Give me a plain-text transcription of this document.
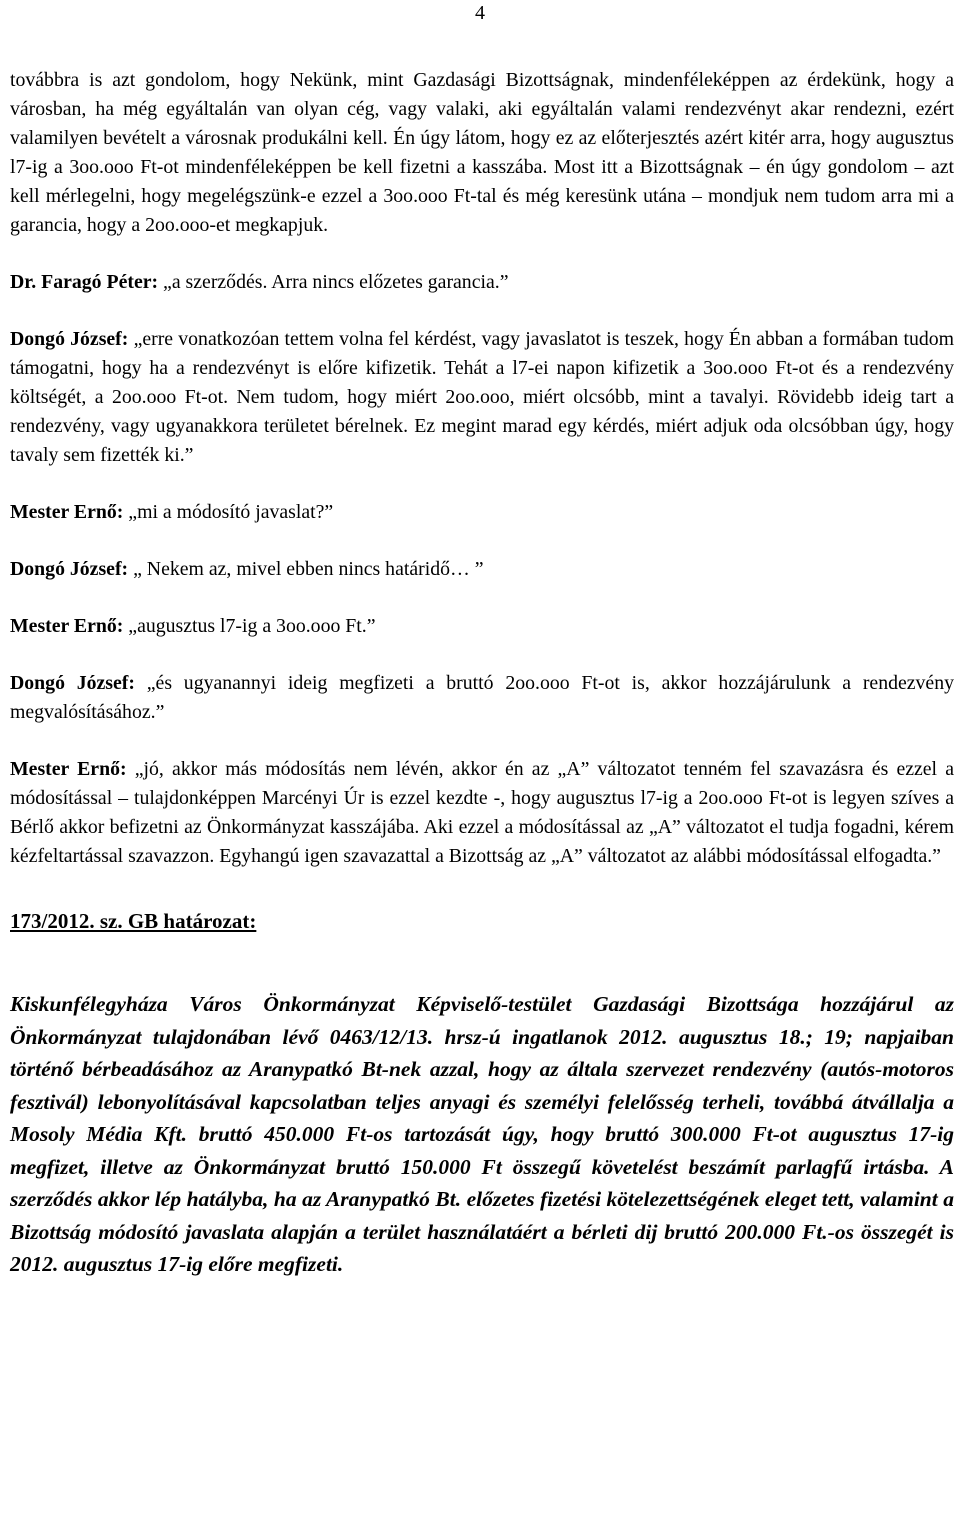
4

továbbra is azt gondolom, hogy Nekünk, mint Gazdasági Bizottságnak, mindenféleképpen az érdekünk, hogy a városban, ha még egyáltalán van olyan cég, vagy valaki, aki egyáltalán valami rendezvényt akar rendezni, ezért valamilyen bevételt a városnak produkálni kell. Én úgy látom, hogy ez az előterjesztés azért kitér arra, hogy augusztus l7-ig a 3oo.ooo Ft-ot mindenféleképpen be kell fizetni a kasszába. Most itt a Bizottságnak – én úgy gondolom – azt kell mérlegelni, hogy megelégszünk-e ezzel a 3oo.ooo Ft-tal és még keresünk utána – mondjuk nem tudom arra mi a garancia, hogy a 2oo.ooo-et megkapjuk.

Dr. Faragó Péter: „a szerződés. Arra nincs előzetes garancia.”

Dongó József: „erre vonatkozóan tettem volna fel kérdést, vagy javaslatot is teszek, hogy Én abban a formában tudom támogatni, hogy ha a rendezvényt is előre kifizetik. Tehát a l7-ei napon kifizetik a 3oo.ooo Ft-ot és a rendezvény költségét, a 2oo.ooo Ft-ot. Nem tudom, hogy miért 2oo.ooo, miért olcsóbb, mint a tavalyi. Rövidebb ideig tart a rendezvény, vagy ugyanakkora területet bérelnek. Ez megint marad egy kérdés, miért adjuk oda olcsóbban úgy, hogy tavaly sem fizették ki.”

Mester Ernő: „mi a módosító javaslat?”

Dongó József: „ Nekem az, mivel ebben nincs határidő… ”

Mester Ernő: „augusztus l7-ig a 3oo.ooo Ft.”

Dongó József: „és ugyanannyi ideig megfizeti a bruttó 2oo.ooo Ft-ot is, akkor hozzájárulunk a rendezvény megvalósításához.”

Mester Ernő: „jó, akkor más módosítás nem lévén, akkor én az „A” változatot tenném fel szavazásra és ezzel a módosítással – tulajdonképpen Marcényi Úr is ezzel kezdte -, hogy augusztus l7-ig a 2oo.ooo Ft-ot is legyen szíves a Bérlő akkor befizetni az Önkormányzat kasszájába. Aki ezzel a módosítással az „A” változatot el tudja fogadni, kérem kézfeltartással szavazzon. Egyhangú igen szavazattal a Bizottság az „A” változatot az alábbi módosítással elfogadta.”

173/2012. sz. GB határozat:

Kiskunfélegyháza Város Önkormányzat Képviselő-testület Gazdasági Bizottsága hozzájárul az Önkormányzat tulajdonában lévő 0463/12/13. hrsz-ú ingatlanok 2012. augusztus 18.; 19; napjaiban történő bérbeadásához az Aranypatkó Bt-nek azzal, hogy az általa szervezet rendezvény (autós-motoros fesztivál) lebonyolításával kapcsolatban teljes anyagi és személyi felelősség terheli, továbbá átvállalja a Mosoly Média Kft. bruttó 450.000 Ft-os tartozását úgy, hogy bruttó 300.000 Ft-ot augusztus 17-ig megfizet, illetve az Önkormányzat bruttó 150.000 Ft összegű követelést beszámít parlagfű irtásba. A szerződés akkor lép hatályba, ha az Aranypatkó Bt. előzetes fizetési kötelezettségének eleget tett, valamint a Bizottság módosító javaslata alapján a terület használatáért a bérleti dij bruttó 200.000 Ft.-os összegét is 2012. augusztus 17-ig előre megfizeti.
